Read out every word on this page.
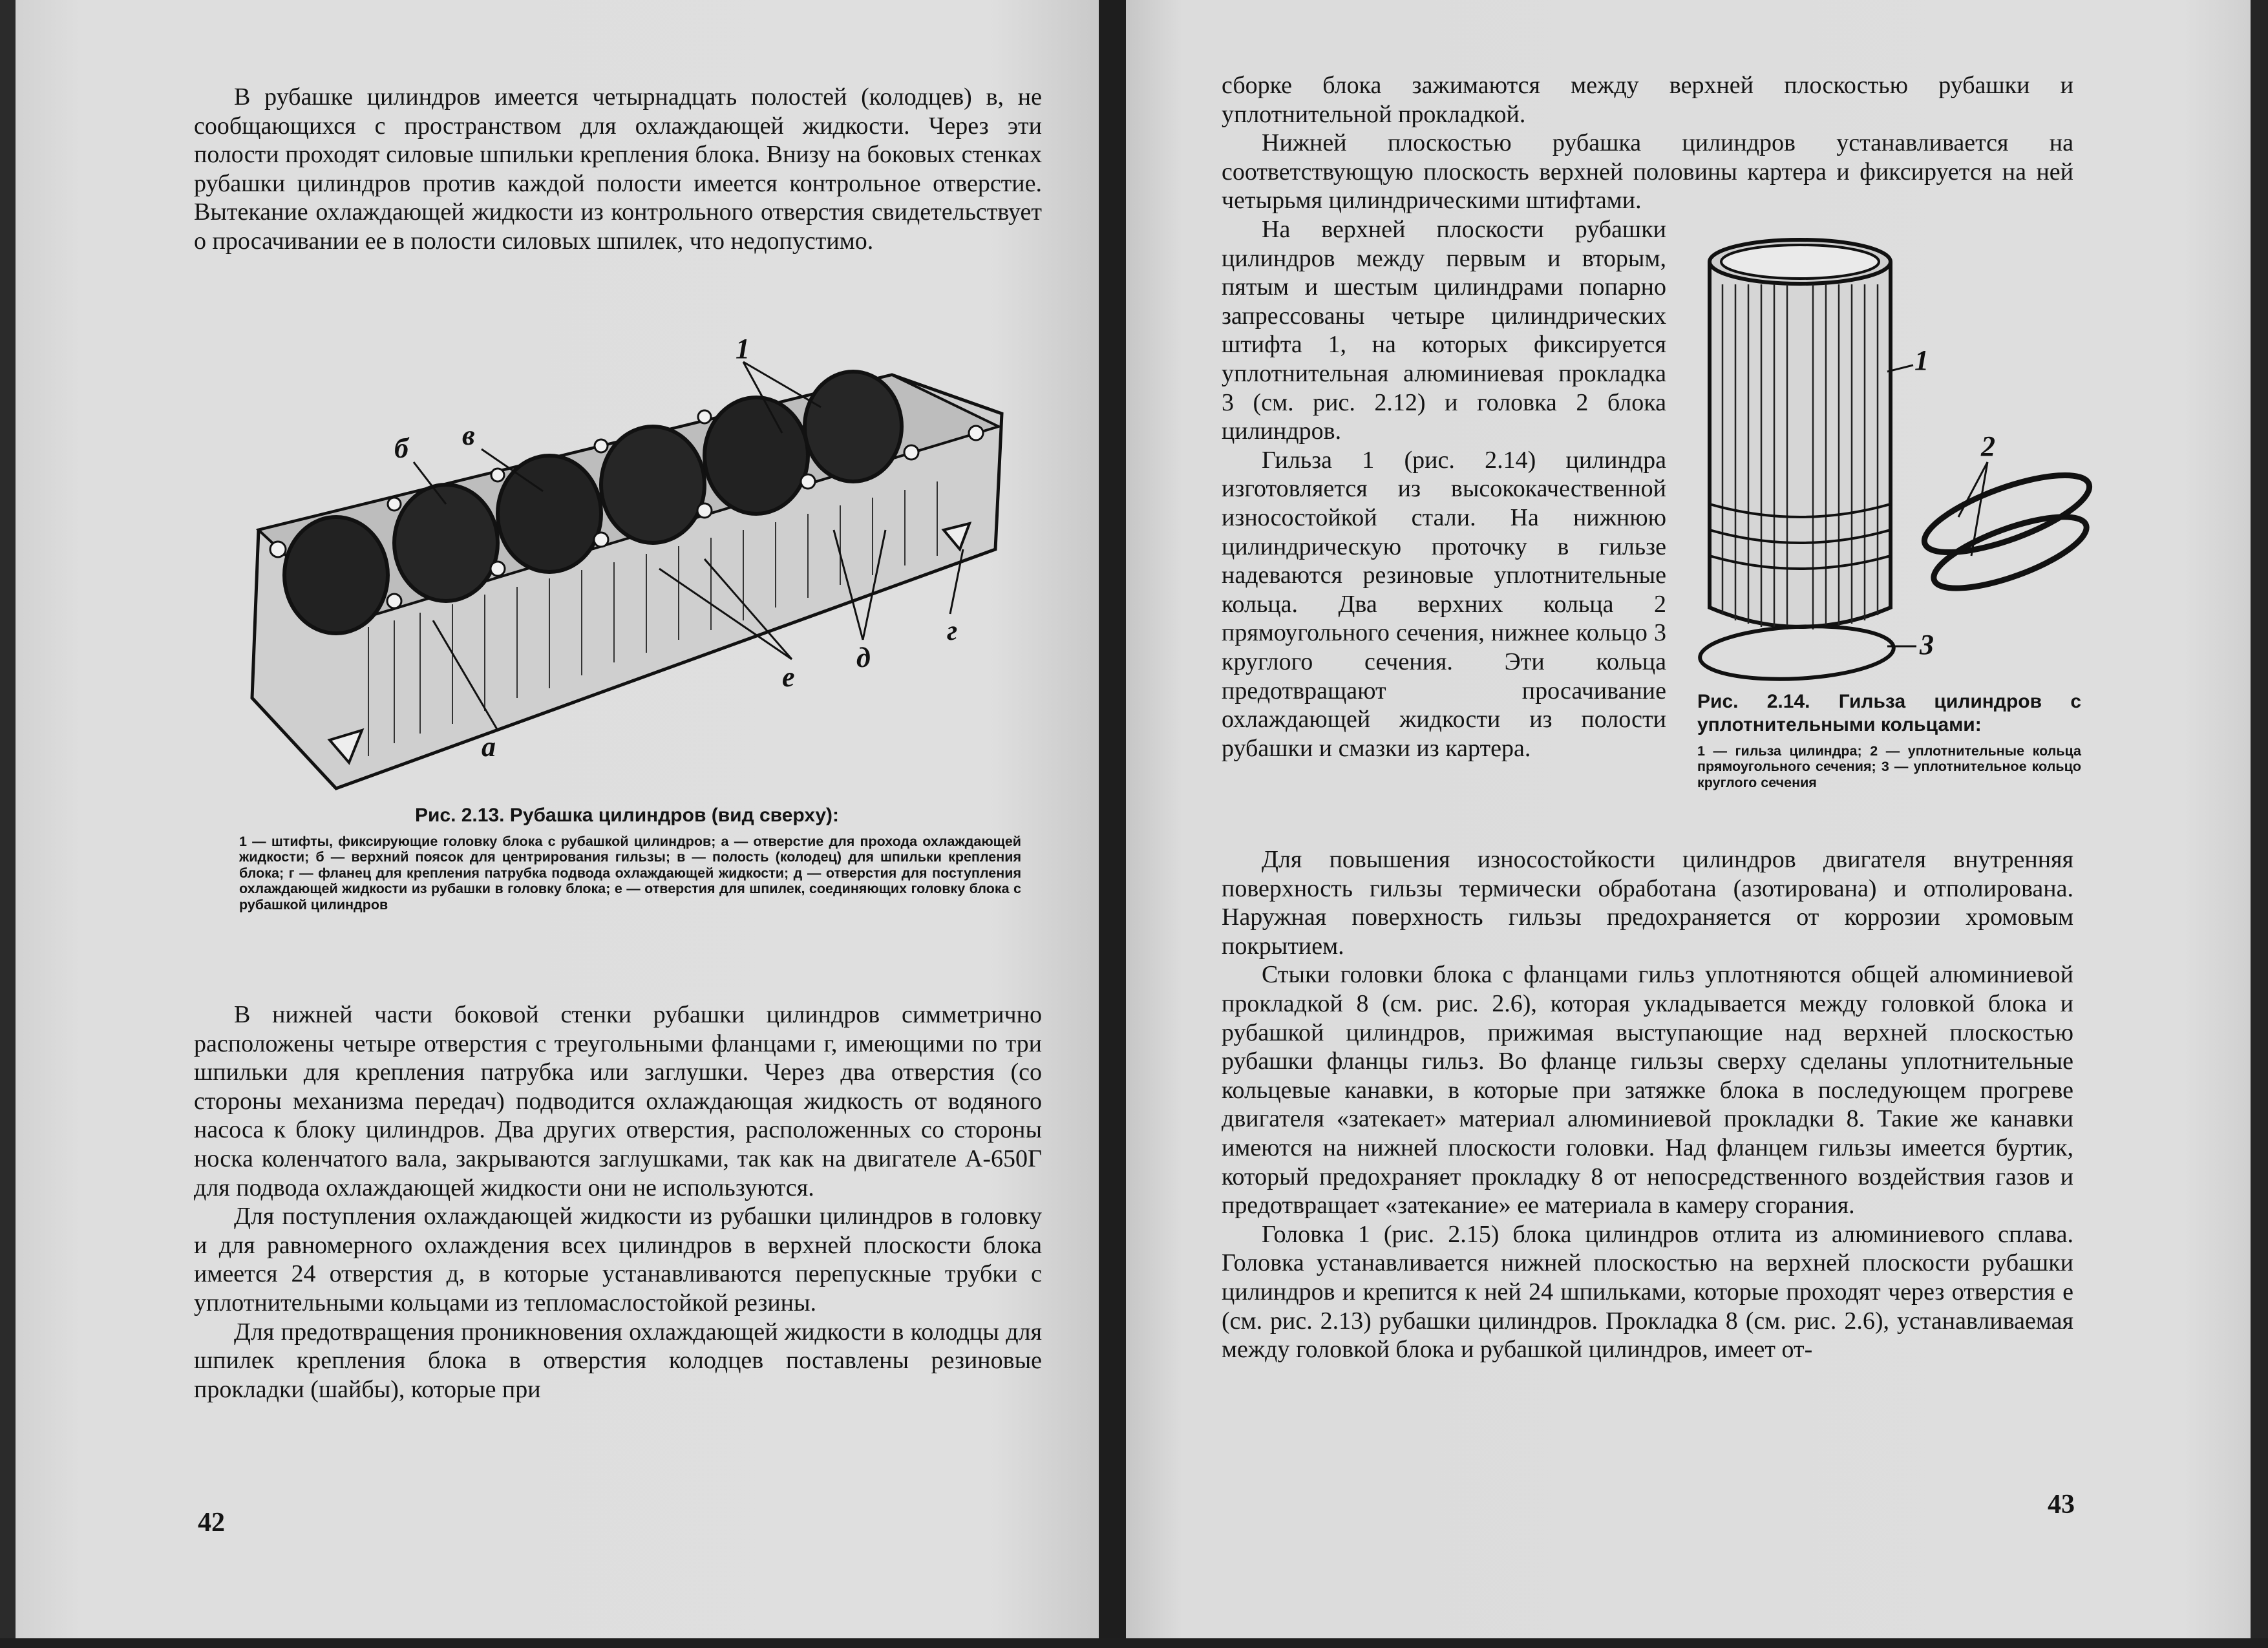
В рубашке цилиндров имеется четырнадцать полостей (колодцев) в, не сообщающихся с пространством для охлаждающей жидкости. Через эти полости проходят силовые шпильки крепления блока. Внизу на боковых стенках рубашки цилиндров против каждой полости имеется контрольное отверстие. Вытекание охлаждающей жидкости из контрольного отверстия свидетельствует о просачивании ее в полости силовых шпилек, что недопустимо.

1
б в
а
е
д
г

Рис. 2.13. Рубашка цилиндров (вид сверху):

1 — штифты, фиксирующие головку блока с рубашкой цилиндров; а — отверстие для прохода охлаждающей жидкости; б — верхний поясок для центрирования гильзы; в — полость (колодец) для шпильки крепления блока; г — фланец для крепления патрубка подвода охлаждающей жидкости; д — отверстия для поступления охлаждающей жидкости из рубашки в головку блока; е — отверстия для шпилек, соединяющих головку блока с рубашкой цилиндров

В нижней части боковой стенки рубашки цилиндров симметрично расположены четыре отверстия с треугольными фланцами г, имеющими по три шпильки для крепления патрубка или заглушки. Через два отверстия (со стороны механизма передач) подводится охлаждающая жидкость от водяного насоса к блоку цилиндров. Два других отверстия, расположенных со стороны носка коленчатого вала, закрываются заглушками, так как на двигателе А-650Г для подвода охлаждающей жидкости они не используются.

Для поступления охлаждающей жидкости из рубашки цилиндров в головку и для равномерного охлаждения всех цилиндров в верхней плоскости блока имеется 24 отверстия д, в которые устанавливаются перепускные трубки с уплотнительными кольцами из тепломаслостойкой резины.

Для предотвращения проникновения охлаждающей жидкости в колодцы для шпилек крепления блока в отверстия колодцев поставлены резиновые прокладки (шайбы), которые при

42

сборке блока зажимаются между верхней плоскостью рубашки и уплотнительной прокладкой.

Нижней плоскостью рубашка цилиндров устанавливается на соответствующую плоскость верхней половины картера и фиксируется на ней четырьмя цилиндрическими штифтами.

На верхней плоскости рубашки цилиндров между первым и вторым, пятым и шестым цилиндрами попарно запрессованы четыре цилиндрических штифта 1, на которых фиксируется уплотнительная алюминиевая прокладка 3 (см. рис. 2.12) и головка 2 блока цилиндров.

Гильза 1 (рис. 2.14) цилиндра изготовляется из высококачественной износостойкой стали. На нижнюю цилиндрическую проточку в гильзе надеваются резиновые уплотнительные кольца. Два верхних кольца 2 прямоугольного сечения, нижнее кольцо 3 круглого сечения. Эти кольца предотвращают просачивание охлаждающей жидкости из полости рубашки и смазки из картера.

1
2
3

Рис. 2.14. Гильза цилиндров с уплотнительными кольцами:

1 — гильза цилиндра; 2 — уплотнительные кольца прямоугольного сечения; 3 — уплотнительное кольцо круглого сечения

Для повышения износостойкости цилиндров двигателя внутренняя поверхность гильзы термически обработана (азотирована) и отполирована. Наружная поверхность гильзы предохраняется от коррозии хромовым покрытием.

Стыки головки блока с фланцами гильз уплотняются общей алюминиевой прокладкой 8 (см. рис. 2.6), которая укладывается между головкой блока и рубашкой цилиндров, прижимая выступающие над верхней плоскостью рубашки фланцы гильз. Во фланце гильзы сверху сделаны уплотнительные кольцевые канавки, в которые при затяжке блока в последующем прогреве двигателя «затекает» материал алюминиевой прокладки 8. Такие же канавки имеются на нижней плоскости головки. Над фланцем гильзы имеется буртик, который предохраняет прокладку 8 от непосредственного воздействия газов и предотвращает «затекание» ее материала в камеру сгорания.

Головка 1 (рис. 2.15) блока цилиндров отлита из алюминиевого сплава. Головка устанавливается нижней плоскостью на верхней плоскости рубашки цилиндров и крепится к ней 24 шпильками, которые проходят через отверстия е (см. рис. 2.13) рубашки цилиндров. Прокладка 8 (см. рис. 2.6), устанавливаемая между головкой блока и рубашкой цилиндров, имеет от-

43
